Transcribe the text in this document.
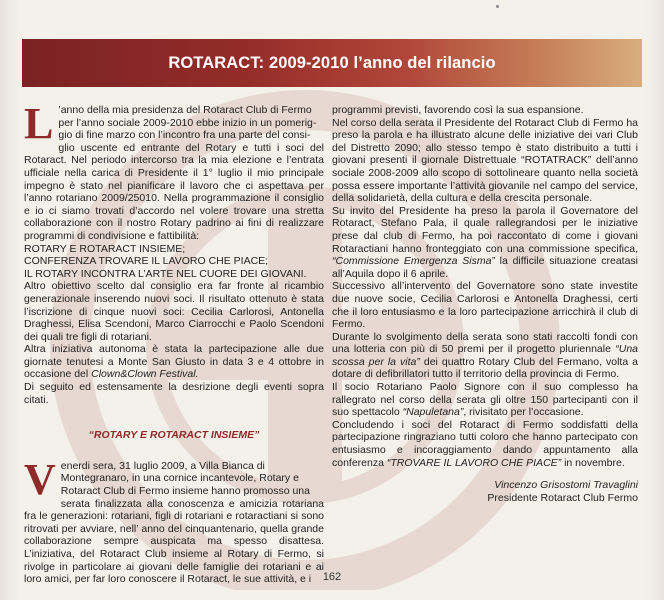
ROTARACT: 2009-2010 l’anno del rilancio
L ’anno della mia presidenza del Rotaract Club di Fermo

per l’anno sociale 2009-2010 ebbe inizio in un pomerig-

gio di fine marzo con l’incontro fra una parte del consi-

glio uscente ed entrante del Rotary e tutti i soci del Rotaract. Nel periodo intercorso tra la mia elezione e l’entrata ufficiale nella carica di Presidente il 1° luglio il mio principale impegno è stato nel pianificare il lavoro che ci aspettava per l’anno rotariano 2009/25010. Nella programmazione il consiglio e io ci siamo trovati d’accordo nel volere trovare una stretta collaborazione con il nostro Rotary padrino ai fini di realizzare programmi di condivisione e fattibilità:

ROTARY E ROTARACT INSIEME;

CONFERENZA TROVARE IL LAVORO CHE PIACE;

IL ROTARY INCONTRA L’ARTE NEL CUORE DEI GIOVANI.

Altro obiettivo scelto dal consiglio era far fronte al ricambio generazionale inserendo nuovi soci. Il risultato ottenuto è stata l’iscrizione di cinque nuovi soci: Cecilia Carlorosi, Antonella Draghessi, Elisa Scendoni, Marco Ciarrocchi e Paolo Scendoni dei quali tre figli di rotariani.

Altra iniziativa autonoma è stata la partecipazione alle due giornate tenutesi a Monte San Giusto in data 3 e 4 ottobre in occasione del Clown&Clown Festival.

Di seguito ed estensamente la desrizione degli eventi sopra citati.

“ROTARY E ROTARACT INSIEME”

V enerdi sera, 31 luglio 2009, a Villa Bianca di

Montegranaro, in una cornice incantevole, Rotary e

Rotaract Club di Fermo insieme hanno promosso una

serata finalizzata alla conoscenza e amicizia rotariana fra le generazioni: rotariani, figli di rotariani e rotaractiani si sono ritrovati per avviare, nell’ anno del cinquantenario, quella grande collaborazione sempre auspicata ma spesso disattesa. L’iniziativa, del Rotaract Club insieme al Rotary di Fermo, si rivolge in particolare ai giovani delle famiglie dei rotariani e ai loro amici, per far loro conoscere il Rotaract, le sue attività, e i

programmi previsti, favorendo così la sua espansione.

Nel corso della serata il Presidente del Rotaract Club di Fermo ha preso la parola e ha illustrato alcune delle iniziative dei vari Club del Distretto 2090; allo stesso tempo è stato distribuito a tutti i giovani presenti il giornale Distrettuale “ROTATRACK” dell’anno sociale 2008-2009 allo scopo di sottolineare quanto nella società possa essere importante l’attività giovanile nel campo del service, della solidarietà, della cultura e della crescita personale.

Su invito del Presidente ha preso la parola il Governatore del Rotaract, Stefano Pala, il quale rallegrandosi per le iniziative prese dal club di Fermo, ha poi raccontato di come i giovani Rotaractiani hanno fronteggiato con una commissione specifica, “Commissione Emergenza Sisma” la difficile situazione creatasi all’Aquila dopo il 6 aprile.

Successivo all’intervento del Governatore sono state investite due nuove socie, Cecilia Carlorosi e Antonella Draghessi, certi che il loro entusiasmo e la loro partecipazione arricchirà il club di Fermo.

Durante lo svolgimento della serata sono stati raccolti fondi con una lotteria con più di 50 premi per il progetto pluriennale “Una scossa per la vita” dei quattro Rotary Club del Fermano, volta a dotare di defibrillatori tutto il territorio della provincia di Fermo.

Il socio Rotariano Paolo Signore con il suo complesso ha rallegrato nel corso della serata gli oltre 150 partecipanti con il suo spettacolo “Napuletana”, rivisitato per l’occasione.

Concludendo i soci del Rotaract di Fermo soddisfatti della partecipazione ringraziano tutti coloro che hanno partecipato con entusiasmo e incoraggiamento dando appuntamento alla conferenza “TROVARE IL LAVORO CHE PIACE” in novembre.

Vincenzo Grisostomi Travaglini

Presidente Rotaract Club Fermo

162
